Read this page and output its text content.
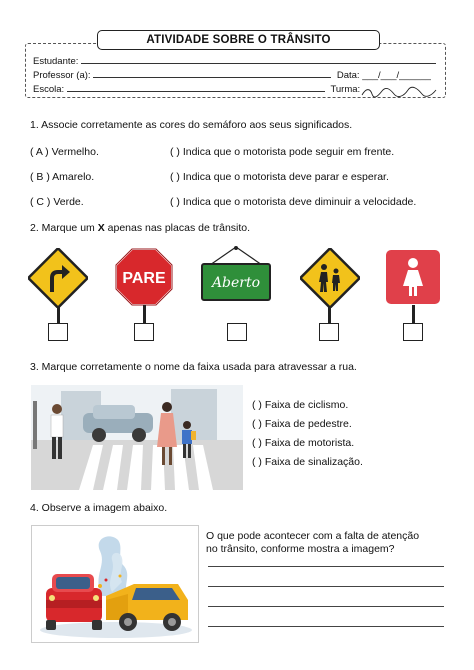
ATIVIDADE SOBRE O TRÂNSITO
Estudante:
Professor (a):	Data: ___/___/______
Escola:	Turma:
1. Associe corretamente as cores do semáforo aos seus significados.
( A ) Vermelho.
( B ) Amarelo.
( C ) Verde.
( ) Indica que o motorista pode seguir em frente.
( ) Indica que o motorista deve parar e esperar.
( ) Indica que o motorista deve diminuir a velocidade.
2. Marque um X apenas nas placas de trânsito.
PARE	Aberto
3. Marque corretamente o nome da faixa usada para atravessar a rua.
( ) Faixa de ciclismo.
( ) Faixa de pedestre.
( ) Faixa de motorista.
( ) Faixa de sinalização.
4. Observe a imagem abaixo.
O que pode acontecer com a falta de atenção
no trânsito, conforme mostra a imagem?
